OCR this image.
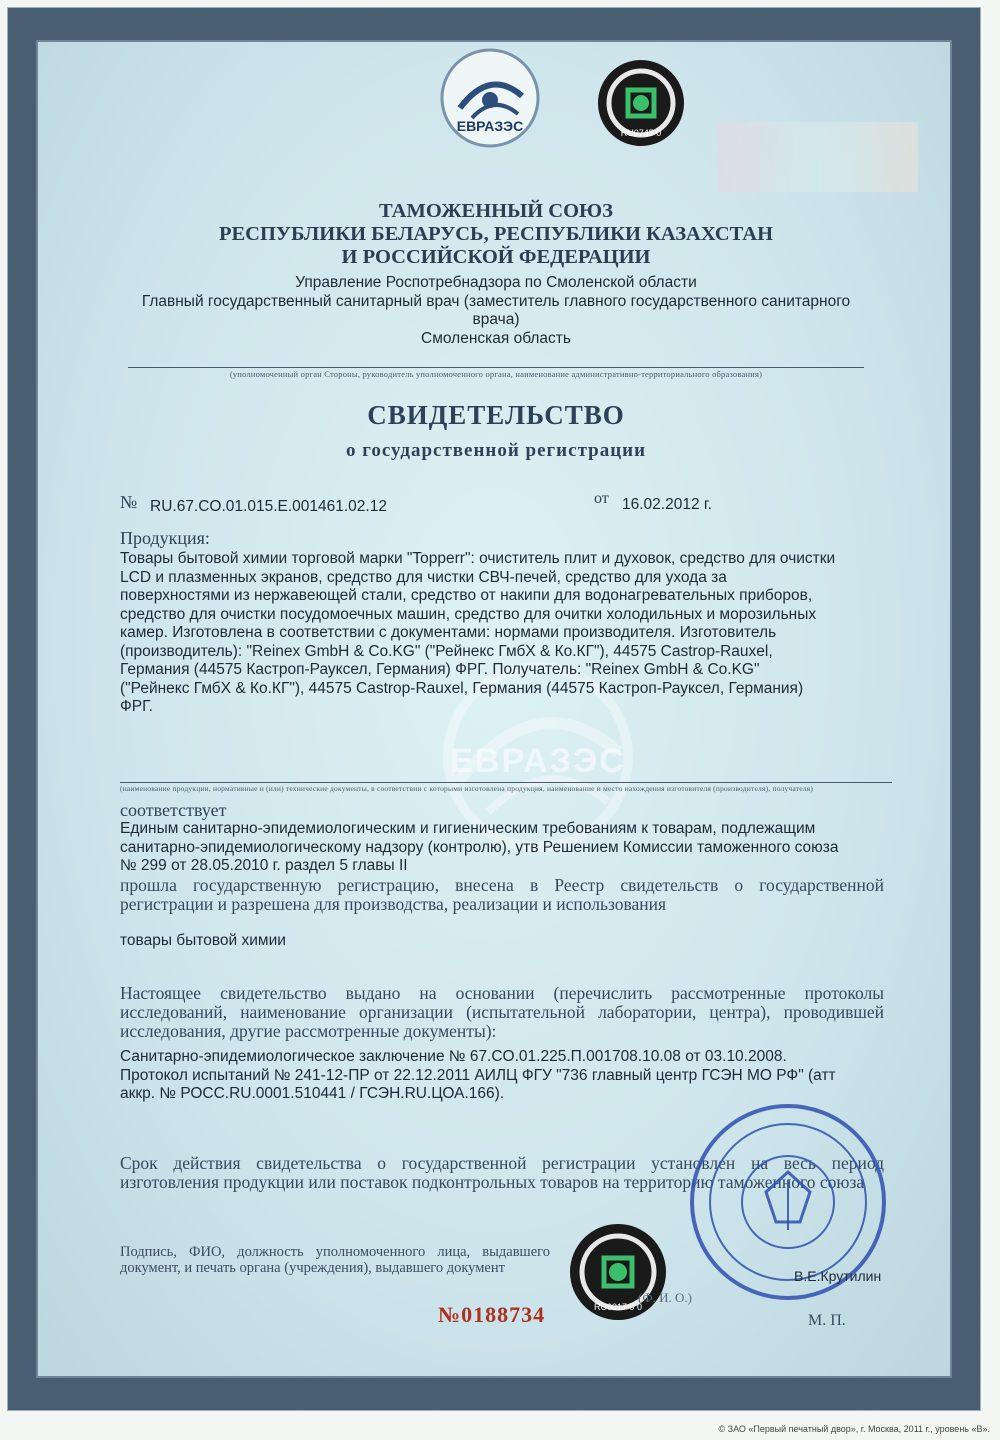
ЕВРАЗЭС
ЕВРАЗЭС	RU0745 0
ТАМОЖЕННЫЙ СОЮЗ
РЕСПУБЛИКИ БЕЛАРУСЬ, РЕСПУБЛИКИ КАЗАХСТАН
И РОССИЙСКОЙ ФЕДЕРАЦИИ
Управление Роспотребнадзора по Смоленской области
Главный государственный санитарный врач (заместитель главного государственного санитарного
врача)
Смоленская область
(уполномоченный орган Стороны, руководитель уполномоченного органа, наименование административно-территориального образования)
СВИДЕТЕЛЬСТВО
о государственной регистрации
№ RU.67.CO.01.015.E.001461.02.12	от 16.02.2012 г.
Продукция:
Товары бытовой химии торговой марки "Topperr": очиститель плит и духовок, средство для очистки
LCD и плазменных экранов, средство для чистки СВЧ-печей, средство для ухода за
поверхностями из нержавеющей стали, средство от накипи для водонагревательных приборов,
средство для очистки посудомоечных машин, средство для очитки холодильных и морозильных
камер. Изготовлена в соответствии с документами: нормами производителя. Изготовитель
(производитель): "Reinex GmbH & Co.KG" ("Рейнекс ГмбХ & Ко.КГ"), 44575 Castrop-Rauxel,
Германия (44575 Кастроп-Рауксел, Германия) ФРГ. Получатель: "Reinex GmbH & Co.KG"
("Рейнекс ГмбХ & Ко.КГ"), 44575 Castrop-Rauxel, Германия (44575 Кастроп-Рауксел, Германия)
ФРГ.
(наименование продукции, нормативные и (или) технические документы, в соответствии с которыми изготовлена продукция, наименование и место нахождения изготовителя (производителя), получателя)
соответствует
Единым санитарно-эпидемиологическим и гигиеническим требованиям к товарам, подлежащим
санитарно-эпидемиологическому надзору (контролю), утв Решением Комиссии таможенного союза
№ 299 от 28.05.2010 г. раздел 5 главы II
прошла государственную регистрацию, внесена в Реестр свидетельств о государственной регистрации и разрешена для производства, реализации и использования
товары бытовой химии
Настоящее свидетельство выдано на основании (перечислить рассмотренные протоколы исследований, наименование организации (испытательной лаборатории, центра), проводившей исследования, другие рассмотренные документы):
Санитарно-эпидемиологическое заключение № 67.CO.01.225.П.001708.10.08 от 03.10.2008.
Протокол испытаний № 241-12-ПР от 22.12.2011 АИЛЦ ФГУ "736 главный центр ГСЭН МО РФ" (атт
аккр. № РОСС.RU.0001.510441 / ГСЭН.RU.ЦОА.166).
Срок действия свидетельства о государственной регистрации установлен на весь период изготовления продукции или поставок подконтрольных товаров на территорию таможенного союза
Подпись, ФИО, должность уполномоченного лица, выдавшего документ, и печать органа (учреждения), выдавшего документ
RU0017 9 0
В.Е.Крутилин
(Ф. И. О.)
М. П.
№0188734
© ЗАО «Первый печатный двор», г. Москва, 2011 г., уровень «В».
